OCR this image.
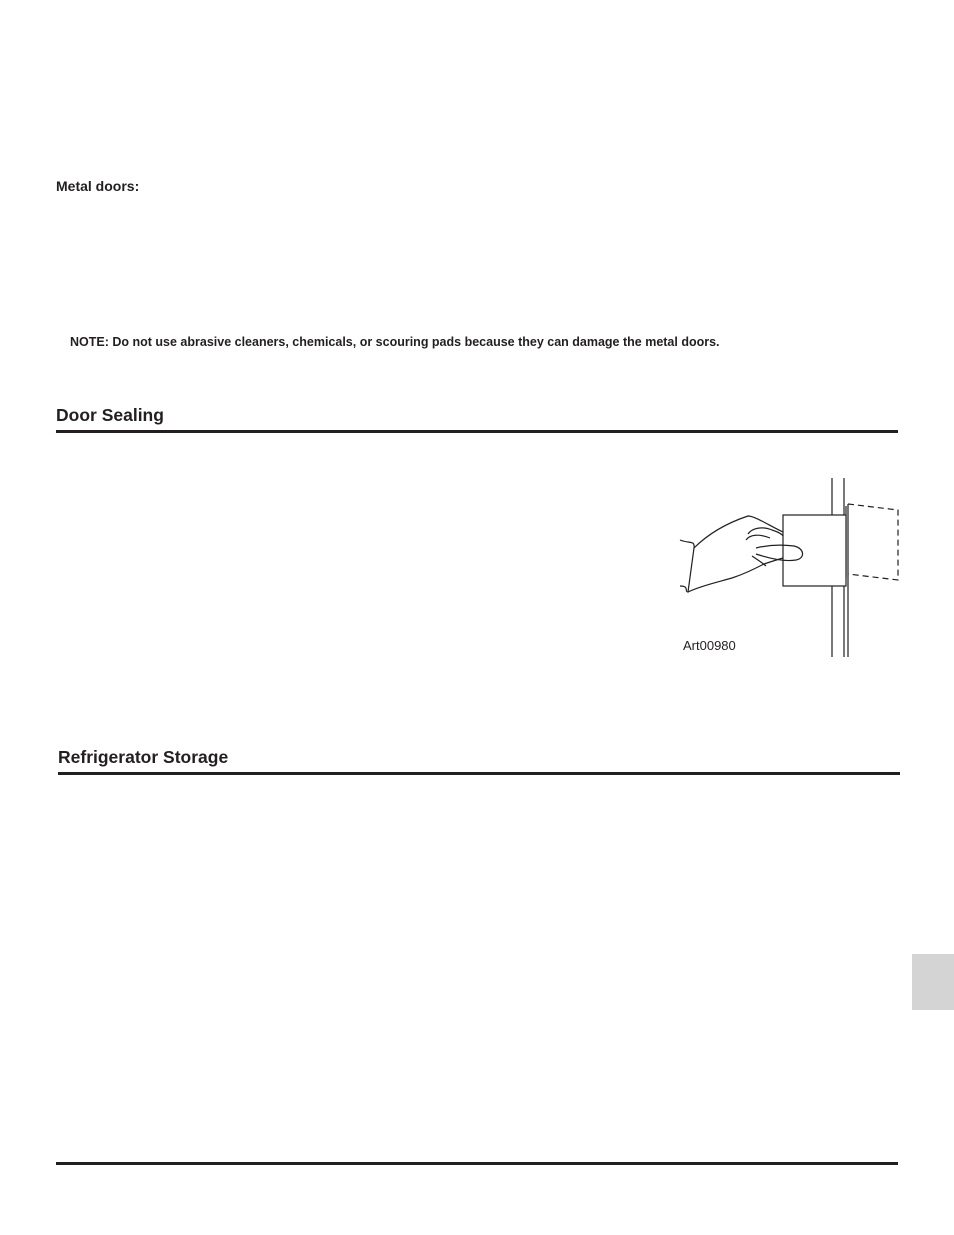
Metal doors:
NOTE: Do not use abrasive cleaners, chemicals, or scouring pads because they can damage the metal doors.
Door Sealing
Art00980
Refrigerator Storage
